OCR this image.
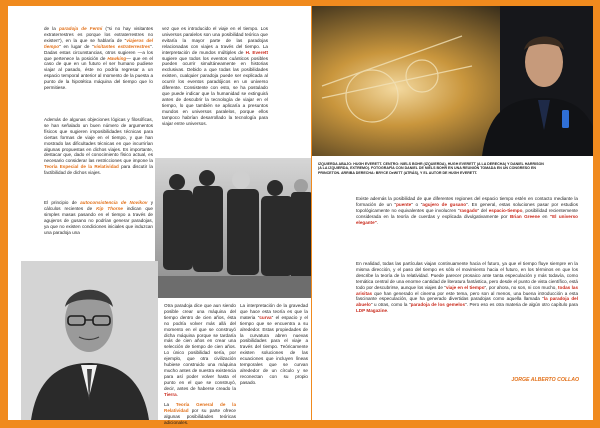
de la paradoja de Fermi ("si no hay visitantes extraterrestres es porque los extraterrestres no existen"), en la que se hablaría de "viajeros del tiempo" en lugar de "visitantes extraterrestres". Dadas estas circunstancias, otros sugieren —a los que pertenece la posición de Hawking— que en el caso de que en un futuro el ser humano pudiese viajar al pasado, éste no podría regresar a un espacio temporal anterior al momento de la puesta a punto de la hipotética máquina del tiempo que lo permitiese.

Además de algunas objeciones lógicas y filosóficas, se han señalado un buen número de argumentos físicos que sugieren imposibilidades técnicas para ciertas formas de viaje en el tiempo, y que han mostrado las dificultades técnicas en que incurrirían algunas propuestas en dichos viajes. Es importante, destacar que, dado el conocimiento físico actual, es necesario considerar las restricciones que impone la Teoría Especial de la Relatividad para discutir la factibilidad de dichos viajes.

El principio de autoconsistencia de Novikov y cálculos recientes de Kip Thorne indican que simples masas pasando en el tiempo a través de agujeros de gusano no podrían generar paradojas, ya que no existen condiciones iniciales que induzcan una paradoja una

vez que es introducido el viaje en el tiempo. Los universos paralelos son una posibilidad teórica que evitaría la mayor parte de las paradojas relacionadas con viajes a través del tiempo. La interpretación de mundos múltiples de H. Everett sugiere que todos los eventos cuánticos posibles pueden ocurrir simultáneamente en historias exclusivas. Debido a que todas las posibilidades existen, cualquier paradoja puede ser explicada al ocurrir los eventos paradójicos en un universo diferente. Consistente con esto, se ha postulado que puede indicar que la humanidad se extinguirá antes de descubrir la tecnología de viajar en el tiempo, lo que también se aplicaría a presuntos mundos en universos paralelos, porque ellos tampoco habrían desarrollado la tecnología para viajar entre universos.

Otra paradoja dice que aun siendo posible crear una máquina del tiempo dentro de cien años, ésta no podría volver más allá del momento en el que se construyó dicha máquina porque se tardaría más de cien años en crear una selección de tiempo de cien años. Lo único posibilidad sería, por ejemplo, que otra civilización hubiese construido una máquina mucho antes de nuestra existencia para así poder volver hasta el punto en el que se construyó, decir, antes de haberse creado la Tierra.

La Teoría General de la Relatividad por su parte ofrece algunas posibilidades teóricas adicionales.

La interpretación de la gravedad que hace esta teoría es que la materia "curva" el espacio y el tiempo que se encuentra a su alrededor. Estas propiedades de la curvatura abren nuevas posibilidades para el viaje a través del tiempo. Teóricamente existen soluciones de las ecuaciones que incluyen líneas temporales que se curvan alrededor de un círculo y se reconectan con su propio pasado.

IZQUIERDA ABAJO: HUGH EVERETT. CENTRO: NIELS BOHR (IZQUIERDA), HUGH EVERETT (A LA DERECHA) Y DANIEL HARRISON (A LA IZQUIERDA, EXTREMO). FOTOGRAFÍA CON DANIEL DE NIELS BOHR EN UNA REUNIÓN TOMADA EN UN CONGRESO EN PRINCETON. ARRIBA DERECHA: BRYCE DeWITT (ATRÁS), Y EL AUTOR DE HUGH EVERETT.

Existe además la posibilidad de que diferentes regiones del espacio tiempo estén en contacto mediante la formación de un "puente" o "agujero de gusano". En general, estas soluciones pasar por estudios topológicamente no equivalentes que involucren "rasgado" del espacio-tiempo, posibilidad recientemente considerada en la teoría de cuerdas y explicada divulgativamente por Brian Greene en "El universo elegante".

En realidad, todas las partículas viajan continuamente hacia el futuro, ya que el tiempo fluye siempre en la misma dirección, y el paso del tiempo es sólo el movimiento hacia el futuro, en los términos en que los describe la teoría de la relatividad. Puede parecer prosaico ante tanta especulación y más todavía, como temática central de una enorme cantidad de literatura fantástica, pero desde el punto de vista científico, está todo por descubrirse, aunque los viajes de "viaje en el tiempo", por ahora, no son, ni con mucho, todas las arisitas que han generado el cinema por este tema, pero son al menos, una buena introducción a esta fascinante especulación, que ha generado divertidas paradojas como aquella llamada "la paradoja del abuelo" u otras, como la "paradoja de los gemelos". Pero eso es otra materia de algún otro capítulo para LDP Magazine.

JORGE ALBERTO COLLAO
